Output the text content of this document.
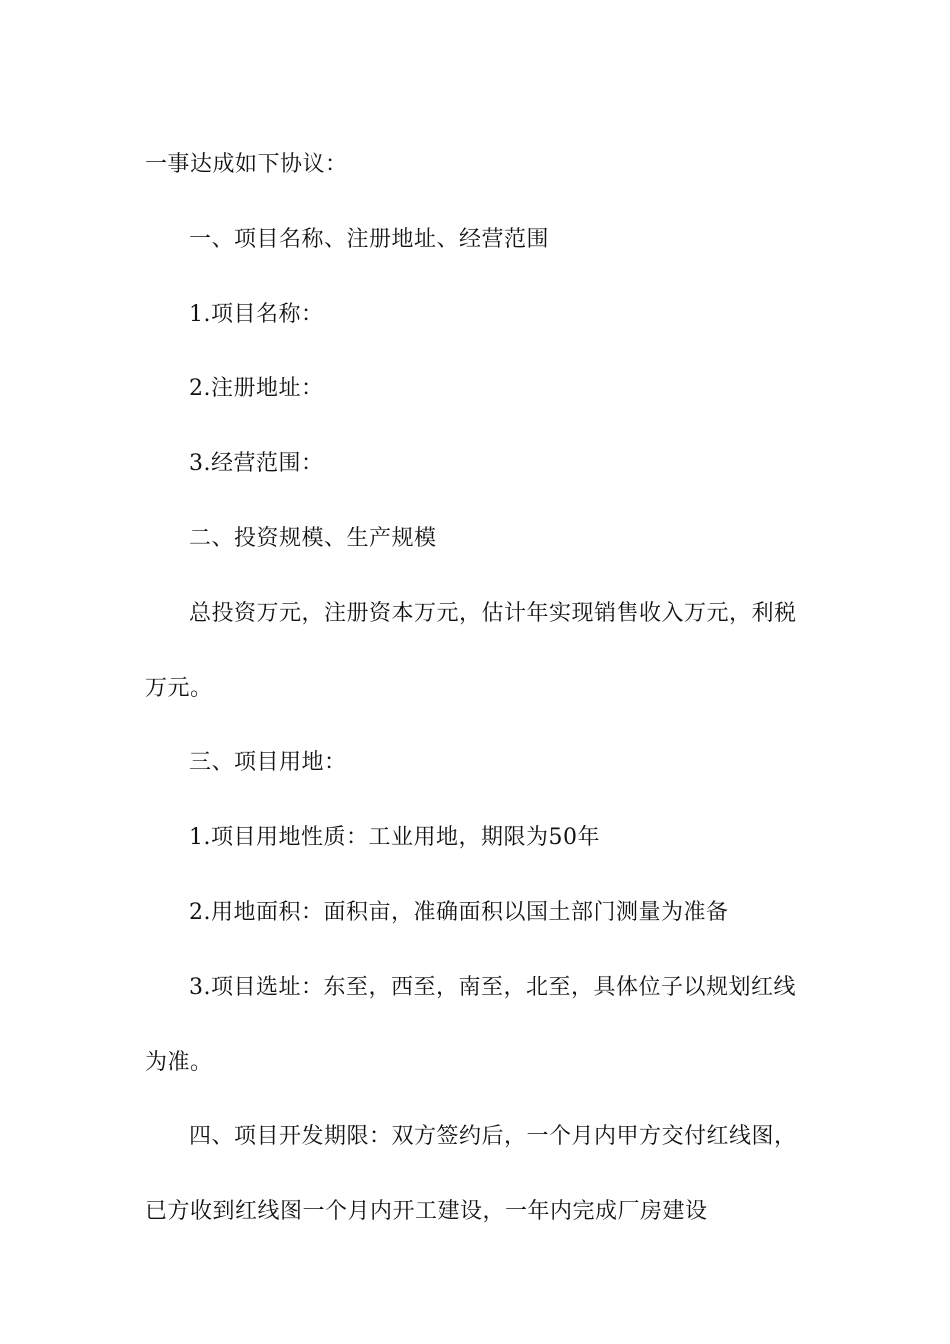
一事达成如下协议：

一、项目名称、注册地址、经营范围

1.项目名称：

2.注册地址：

3.经营范围：

二、投资规模、生产规模

总投资万元，注册资本万元，估计年实现销售收入万元，利税

万元。

三、项目用地：

1.项目用地性质：工业用地，期限为50年

2.用地面积：面积亩，准确面积以国土部门测量为准备

3.项目选址：东至，西至，南至，北至，具体位子以规划红线

为准。

四、项目开发期限：双方签约后，一个月内甲方交付红线图，

已方收到红线图一个月内开工建设，一年内完成厂房建设
